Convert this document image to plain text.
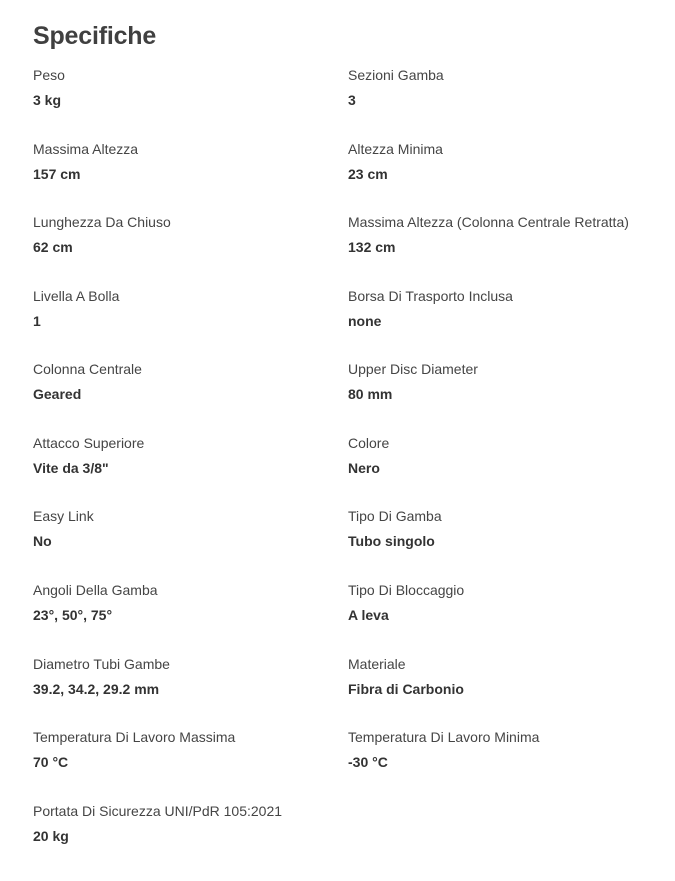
Specifiche
Peso
3 kg
Sezioni Gamba
3
Massima Altezza
157 cm
Altezza Minima
23 cm
Lunghezza Da Chiuso
62 cm
Massima Altezza (Colonna Centrale Retratta)
132 cm
Livella A Bolla
1
Borsa Di Trasporto Inclusa
none
Colonna Centrale
Geared
Upper Disc Diameter
80 mm
Attacco Superiore
Vite da 3/8"
Colore
Nero
Easy Link
No
Tipo Di Gamba
Tubo singolo
Angoli Della Gamba
23°, 50°, 75°
Tipo Di Bloccaggio
A leva
Diametro Tubi Gambe
39.2, 34.2, 29.2 mm
Materiale
Fibra di Carbonio
Temperatura Di Lavoro Massima
70 °C
Temperatura Di Lavoro Minima
-30 °C
Portata Di Sicurezza UNI/PdR 105:2021
20 kg
